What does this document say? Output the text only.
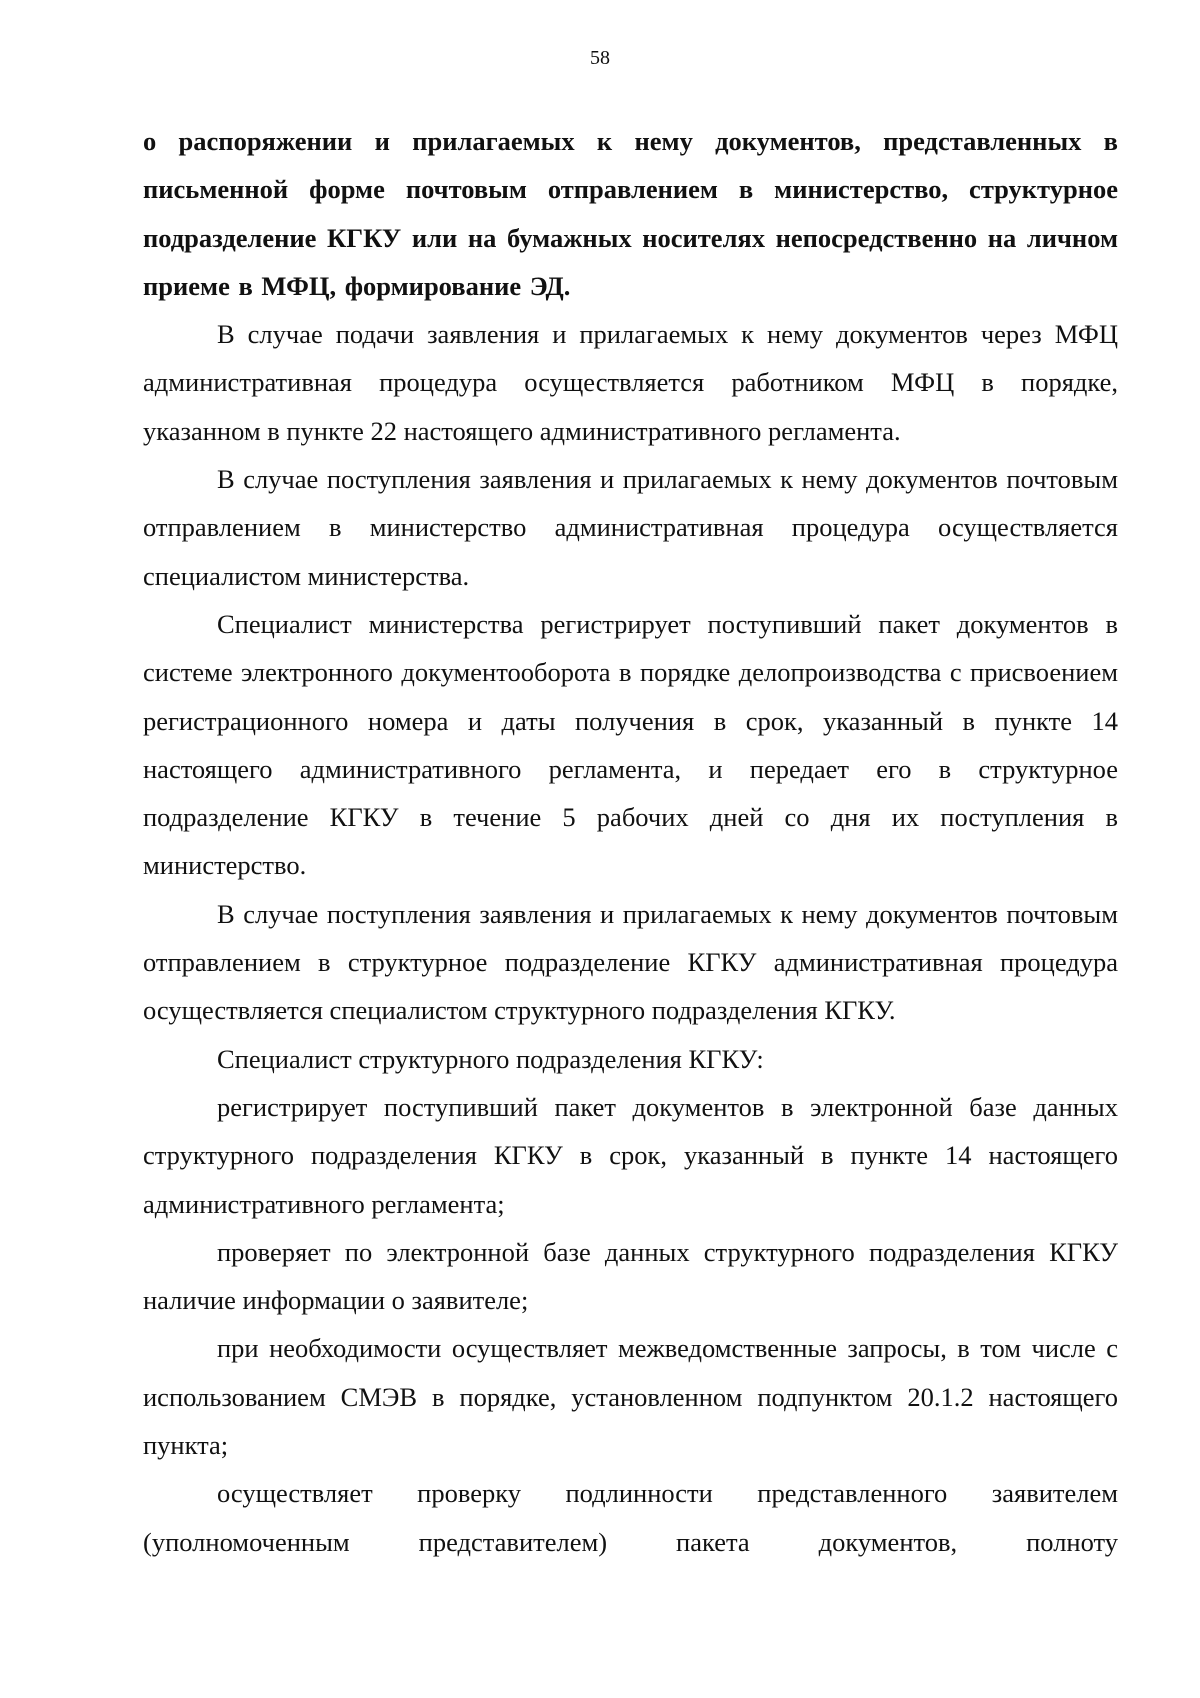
58

о распоряжении и прилагаемых к нему документов, представленных в письменной форме почтовым отправлением в министерство, структурное подразделение КГКУ или на бумажных носителях непосредственно на личном приеме в МФЦ, формирование ЭД.

В случае подачи заявления и прилагаемых к нему документов через МФЦ административная процедура осуществляется работником МФЦ в порядке, указанном в пункте 22 настоящего административного регламента.

В случае поступления заявления и прилагаемых к нему документов почтовым отправлением в министерство административная процедура осуществляется специалистом министерства.

Специалист министерства регистрирует поступивший пакет документов в системе электронного документооборота в порядке делопроизводства с присвоением регистрационного номера и даты получения в срок, указанный в пункте 14 настоящего административного регламента, и передает его в структурное подразделение КГКУ в течение 5 рабочих дней со дня их поступления в министерство.

В случае поступления заявления и прилагаемых к нему документов почтовым отправлением в структурное подразделение КГКУ административная процедура осуществляется специалистом структурного подразделения КГКУ.

Специалист структурного подразделения КГКУ:

регистрирует поступивший пакет документов в электронной базе данных структурного подразделения КГКУ в срок, указанный в пункте 14 настоящего административного регламента;

проверяет по электронной базе данных структурного подразделения КГКУ наличие информации о заявителе;

при необходимости осуществляет межведомственные запросы, в том числе с использованием СМЭВ в порядке, установленном подпунктом 20.1.2 настоящего пункта;

осуществляет проверку подлинности представленного заявителем (уполномоченным представителем) пакета документов, полноту
